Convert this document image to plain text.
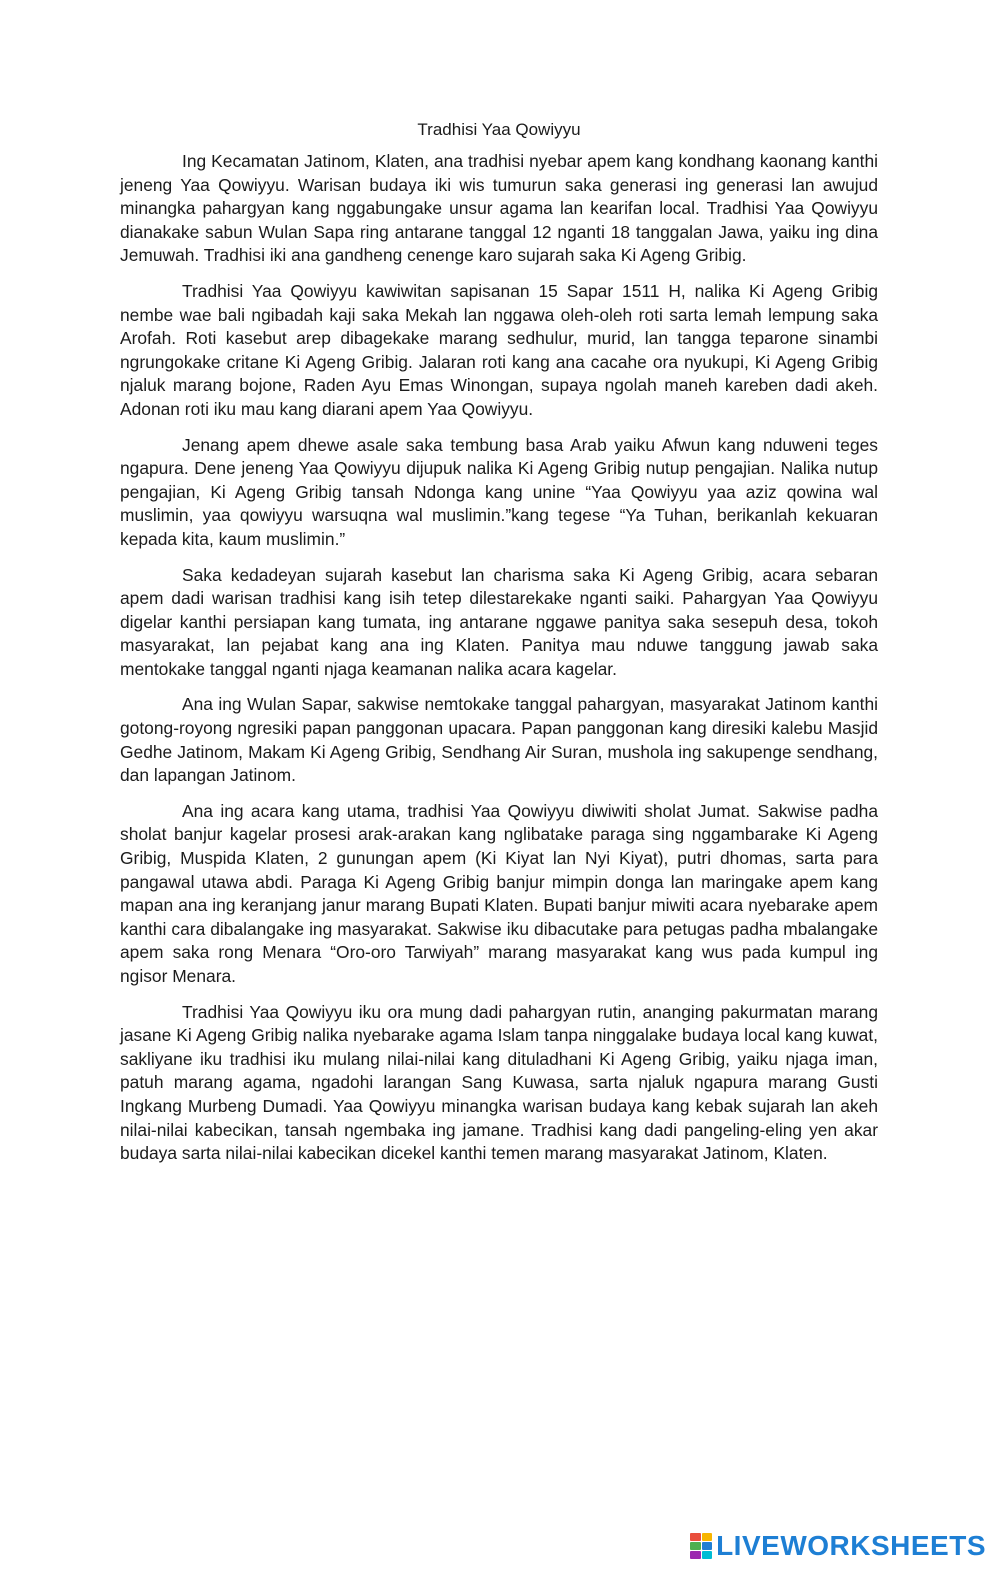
Tradhisi Yaa Qowiyyu

Ing Kecamatan Jatinom, Klaten, ana tradhisi nyebar apem kang kondhang kaonang kanthi jeneng Yaa Qowiyyu. Warisan budaya iki wis tumurun saka generasi ing generasi lan awujud minangka pahargyan kang nggabungake unsur agama lan kearifan local. Tradhisi Yaa Qowiyyu dianakake sabun Wulan Sapa ring antarane tanggal 12 nganti 18 tanggalan Jawa, yaiku ing dina Jemuwah. Tradhisi iki ana gandheng cenenge karo sujarah saka Ki Ageng Gribig.

Tradhisi Yaa Qowiyyu kawiwitan sapisanan 15 Sapar 1511 H, nalika Ki Ageng Gribig nembe wae bali ngibadah kaji saka Mekah lan nggawa oleh-oleh roti sarta lemah lempung saka Arofah. Roti kasebut arep dibagekake marang sedhulur, murid, lan tangga teparone sinambi ngrungokake critane Ki Ageng Gribig. Jalaran roti kang ana cacahe ora nyukupi, Ki Ageng Gribig njaluk marang bojone, Raden Ayu Emas Winongan, supaya ngolah maneh kareben dadi akeh. Adonan roti iku mau kang diarani apem Yaa Qowiyyu.

Jenang apem dhewe asale saka tembung basa Arab yaiku Afwun kang nduweni teges ngapura. Dene jeneng Yaa Qowiyyu dijupuk nalika Ki Ageng Gribig nutup pengajian. Nalika nutup pengajian, Ki Ageng Gribig tansah Ndonga kang unine “Yaa Qowiyyu yaa aziz qowina wal muslimin, yaa qowiyyu warsuqna wal muslimin.”kang tegese “Ya Tuhan, berikanlah kekuaran kepada kita, kaum muslimin.”

Saka kedadeyan sujarah kasebut lan charisma saka Ki Ageng Gribig, acara sebaran apem dadi warisan tradhisi kang isih tetep dilestarekake nganti saiki. Pahargyan Yaa Qowiyyu digelar kanthi persiapan kang tumata, ing antarane nggawe panitya saka sesepuh desa, tokoh masyarakat, lan pejabat kang ana ing Klaten. Panitya mau nduwe tanggung jawab saka mentokake tanggal nganti njaga keamanan nalika acara kagelar.

Ana ing Wulan Sapar, sakwise nemtokake tanggal pahargyan, masyarakat Jatinom kanthi gotong-royong ngresiki papan panggonan upacara. Papan panggonan kang diresiki kalebu Masjid Gedhe Jatinom, Makam Ki Ageng Gribig, Sendhang Air Suran, mushola ing sakupenge sendhang, dan lapangan Jatinom.

Ana ing acara kang utama, tradhisi Yaa Qowiyyu diwiwiti sholat Jumat. Sakwise padha sholat banjur kagelar prosesi arak-arakan kang nglibatake paraga sing nggambarake Ki Ageng Gribig, Muspida Klaten, 2 gunungan apem (Ki Kiyat lan Nyi Kiyat), putri dhomas, sarta para pangawal utawa abdi. Paraga Ki Ageng Gribig banjur mimpin donga lan maringake apem kang mapan ana ing keranjang janur marang Bupati Klaten. Bupati banjur miwiti acara nyebarake apem kanthi cara dibalangake ing masyarakat. Sakwise iku dibacutake para petugas padha mbalangake apem saka rong Menara “Oro-oro Tarwiyah” marang masyarakat kang wus pada kumpul ing ngisor Menara.

Tradhisi Yaa Qowiyyu iku ora mung dadi pahargyan rutin, ananging pakurmatan marang jasane Ki Ageng Gribig nalika nyebarake agama Islam tanpa ninggalake budaya local kang kuwat, sakliyane iku tradhisi iku mulang nilai-nilai kang dituladhani Ki Ageng Gribig, yaiku njaga iman, patuh marang agama, ngadohi larangan Sang Kuwasa, sarta njaluk ngapura marang Gusti Ingkang Murbeng Dumadi. Yaa Qowiyyu minangka warisan budaya kang kebak sujarah lan akeh nilai-nilai kabecikan, tansah ngembaka ing jamane. Tradhisi kang dadi pangeling-eling yen akar budaya sarta nilai-nilai kabecikan dicekel kanthi temen marang masyarakat Jatinom, Klaten.

LIVEWORKSHEETS
